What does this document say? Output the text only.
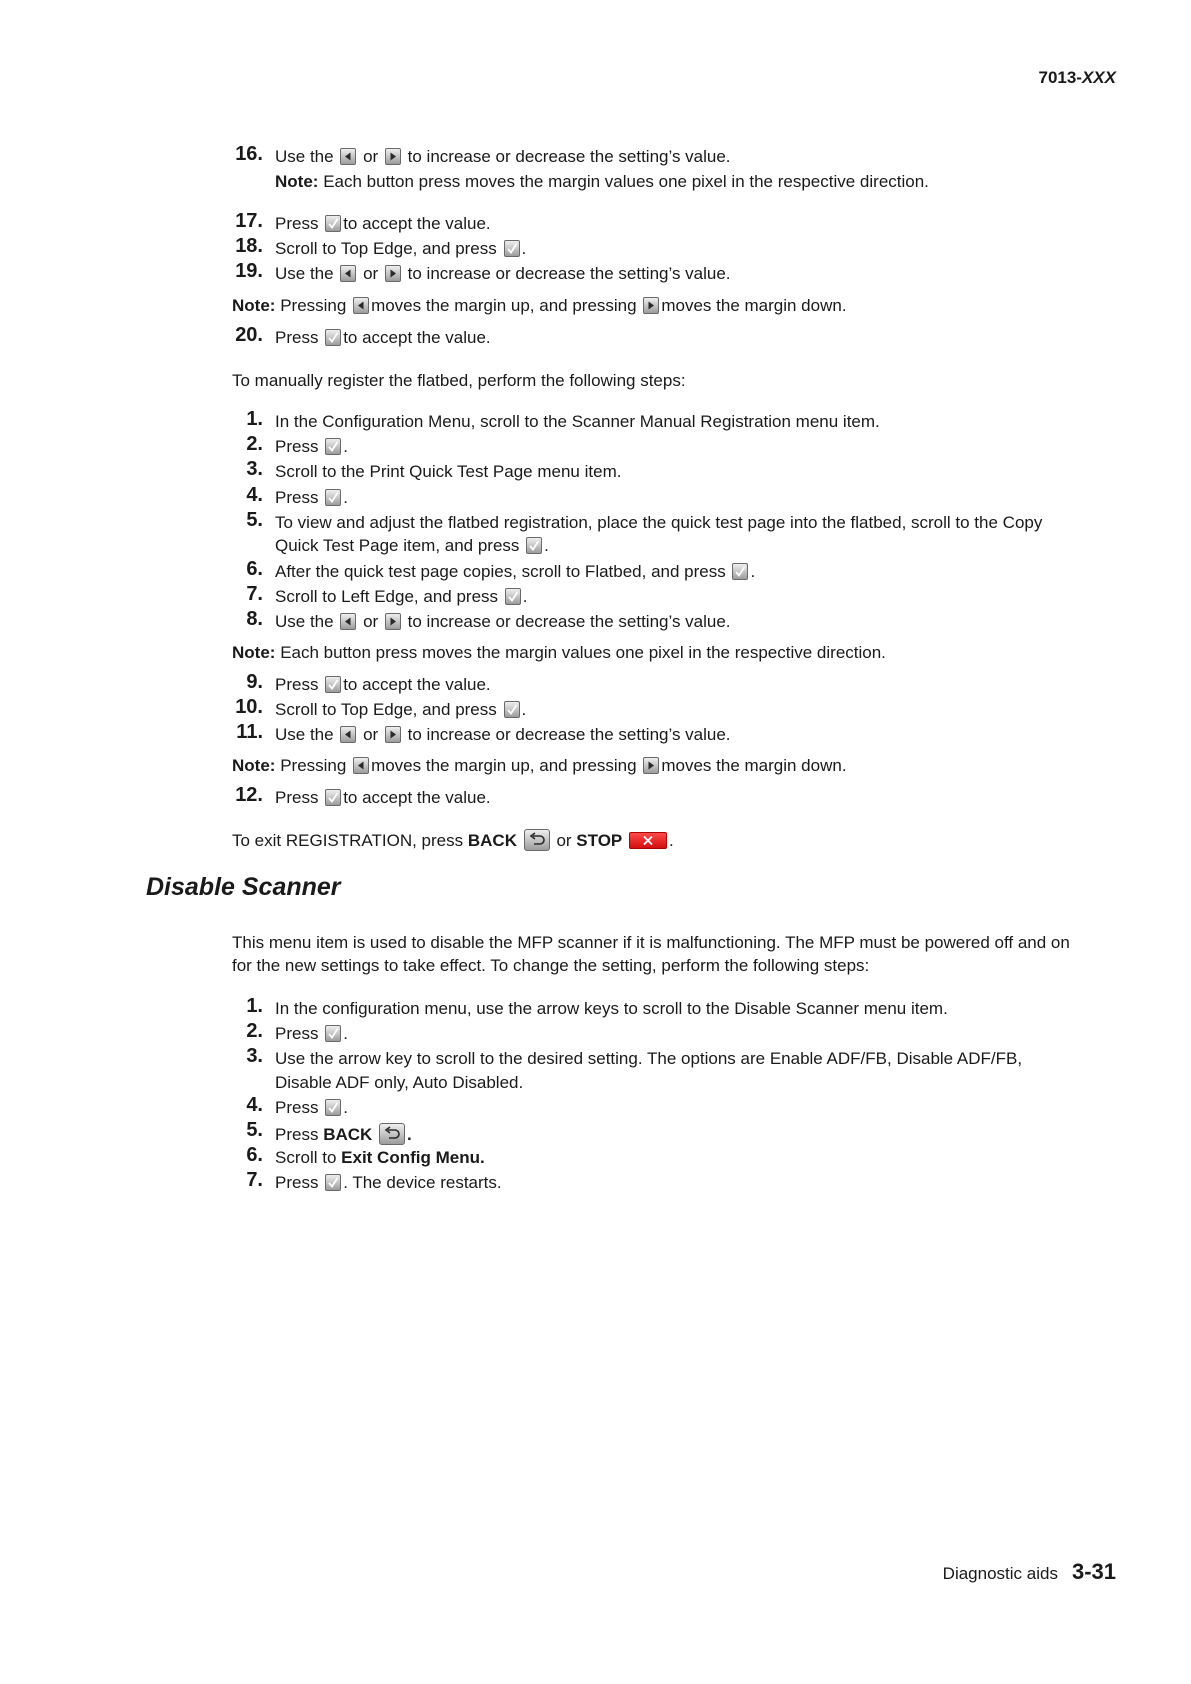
7013-XXX
16. Use the or to increase or decrease the setting’s value.
Note: Each button press moves the margin values one pixel in the respective direction.
17. Press to accept the value.
18. Scroll to Top Edge, and press .
19. Use the or to increase or decrease the setting’s value.
Note: Pressing moves the margin up, and pressing moves the margin down.
20. Press to accept the value.
To manually register the flatbed, perform the following steps:
1. In the Configuration Menu, scroll to the Scanner Manual Registration menu item.
2. Press .
3. Scroll to the Print Quick Test Page menu item.
4. Press .
5. To view and adjust the flatbed registration, place the quick test page into the flatbed, scroll to the Copy
Quick Test Page item, and press .
6. After the quick test page copies, scroll to Flatbed, and press .
7. Scroll to Left Edge, and press .
8. Use the or to increase or decrease the setting’s value.
Note: Each button press moves the margin values one pixel in the respective direction.
9. Press to accept the value.
10. Scroll to Top Edge, and press .
11. Use the or to increase or decrease the setting’s value.
Note: Pressing moves the margin up, and pressing moves the margin down.
12. Press to accept the value.
To exit REGISTRATION, press BACK or STOP	.
Disable Scanner
This menu item is used to disable the MFP scanner if it is malfunctioning. The MFP must be powered off and on
for the new settings to take effect. To change the setting, perform the following steps:
1. In the configuration menu, use the arrow keys to scroll to the Disable Scanner menu item.
2. Press .
3. Use the arrow key to scroll to the desired setting. The options are Enable ADF/FB, Disable ADF/FB,
Disable ADF only, Auto Disabled.
4. Press .
5. Press BACK .
6. Scroll to Exit Config Menu.
7. Press . The device restarts.
Diagnostic aids 3-31
